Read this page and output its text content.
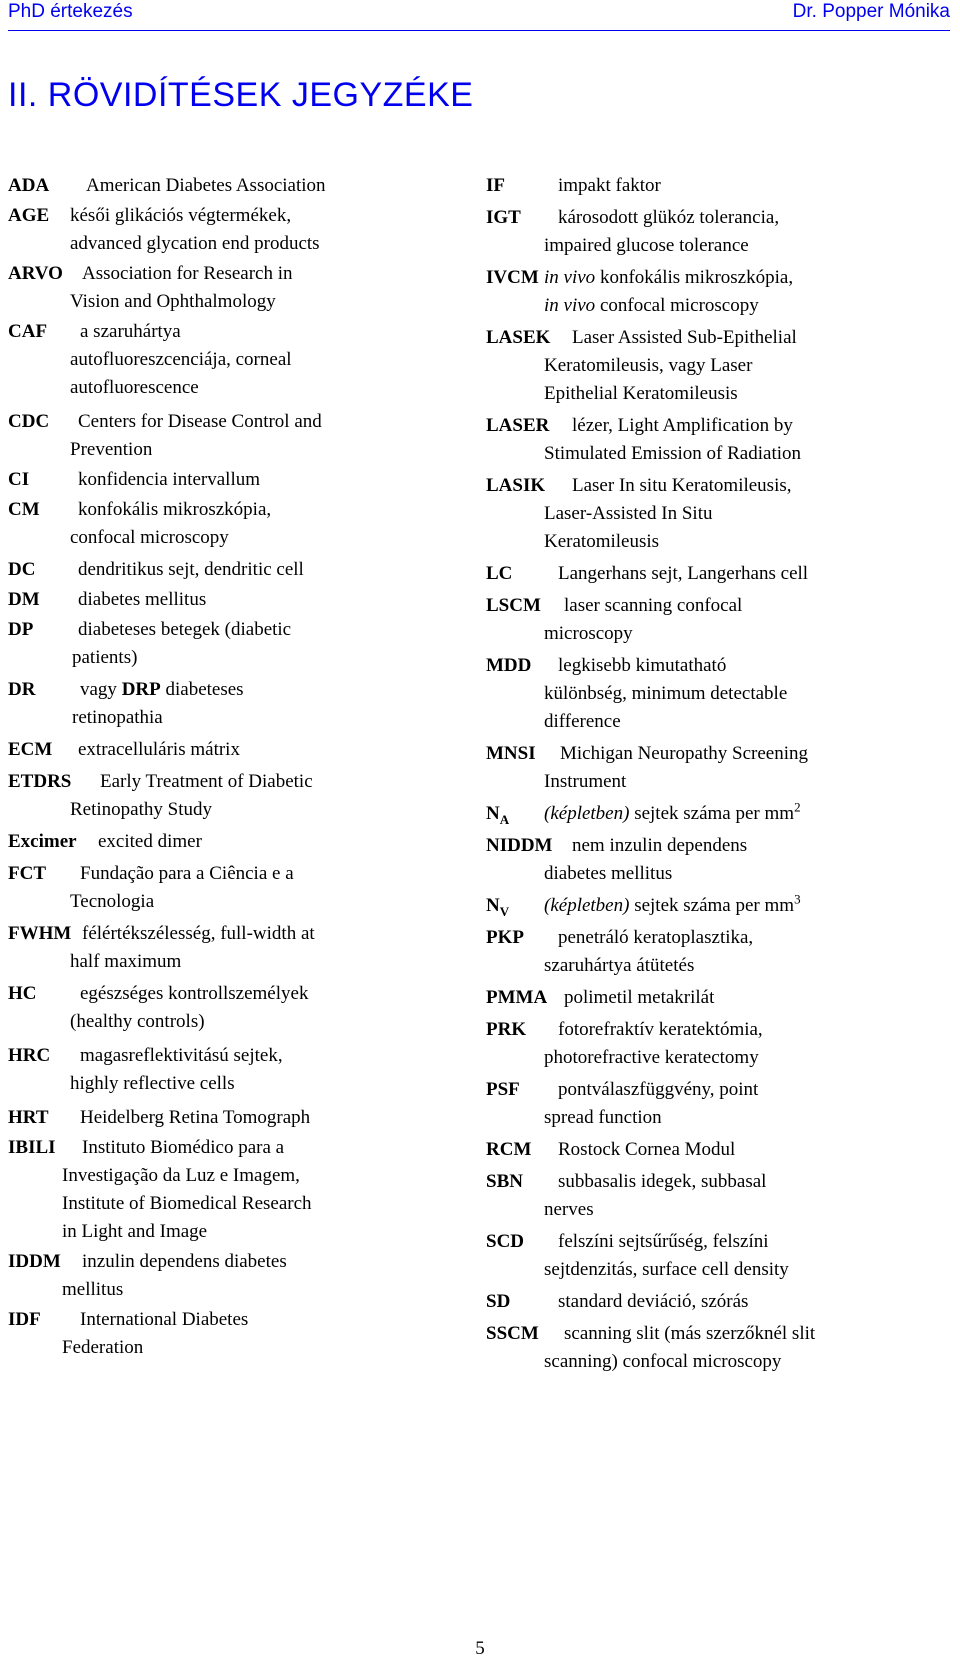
PhD értekezés	Dr. Popper Mónika
II. RÖVIDÍTÉSEK JEGYZÉKE
ADA American Diabetes Association
AGE késői glikációs végtermékek,
advanced glycation end products
ARVO Association for Research in
Vision and Ophthalmology
CAF a szaruhártya
autofluoreszcenciája, corneal
autofluorescence
CDC Centers for Disease Control and
Prevention
CI	konfidencia intervallum
CM konfokális mikroszkópia,
confocal microscopy
DC dendritikus sejt, dendritic cell
DM diabetes mellitus
DP diabeteses betegek (diabetic
patients)
DR vagy DRP diabeteses
retinopathia
ECM extracelluláris mátrix
ETDRS Early Treatment of Diabetic
Retinopathy Study
Excimer excited dimer
FCT Fundação para a Ciência e a
Tecnologia
FWHM félértékszélesség, full-width at
half maximum
HC egészséges kontrollszemélyek
(healthy controls)
HRC magasreflektivitású sejtek,
highly reflective cells
HRT Heidelberg Retina Tomograph
IBILI Instituto Biomédico para a
Investigação da Luz e Imagem,
Institute of Biomedical Research
in Light and Image
IDDM inzulin dependens diabetes
mellitus
IDF International Diabetes
Federation
IF	impakt faktor
IGT károsodott glükóz tolerancia,
impaired glucose tolerance
IVCM in vivo konfokális mikroszkópia,
in vivo confocal microscopy
LASEK Laser Assisted Sub-Epithelial
Keratomileusis, vagy Laser
Epithelial Keratomileusis
LASER lézer, Light Amplification by
Stimulated Emission of Radiation
LASIK Laser In situ Keratomileusis,
Laser-Assisted In Situ
Keratomileusis
LC Langerhans sejt, Langerhans cell
LSCM laser scanning confocal
microscopy
MDD legkisebb kimutatható
különbség, minimum detectable
difference
MNSI Michigan Neuropathy Screening
Instrument
$N_A$ (képletben) sejtek száma per $mm^2$
NIDDM nem inzulin dependens
diabetes mellitus
$N_V$ (képletben) sejtek száma per $mm^3$
PKP penetráló keratoplasztika,
szaruhártya átütetés
PMMA polimetil metakrilát
PRK fotorefraktív keratektómia,
photorefractive keratectomy
PSF pontválaszfüggvény, point
spread function
RCM Rostock Cornea Modul
SBN subbasalis idegek, subbasal
nerves
SCD felszíni sejtsűrűség, felszíni
sejtdenzitás, surface cell density
SD	standard deviáció, szórás
SSCM scanning slit (más szerzőknél slit
scanning) confocal microscopy
5
